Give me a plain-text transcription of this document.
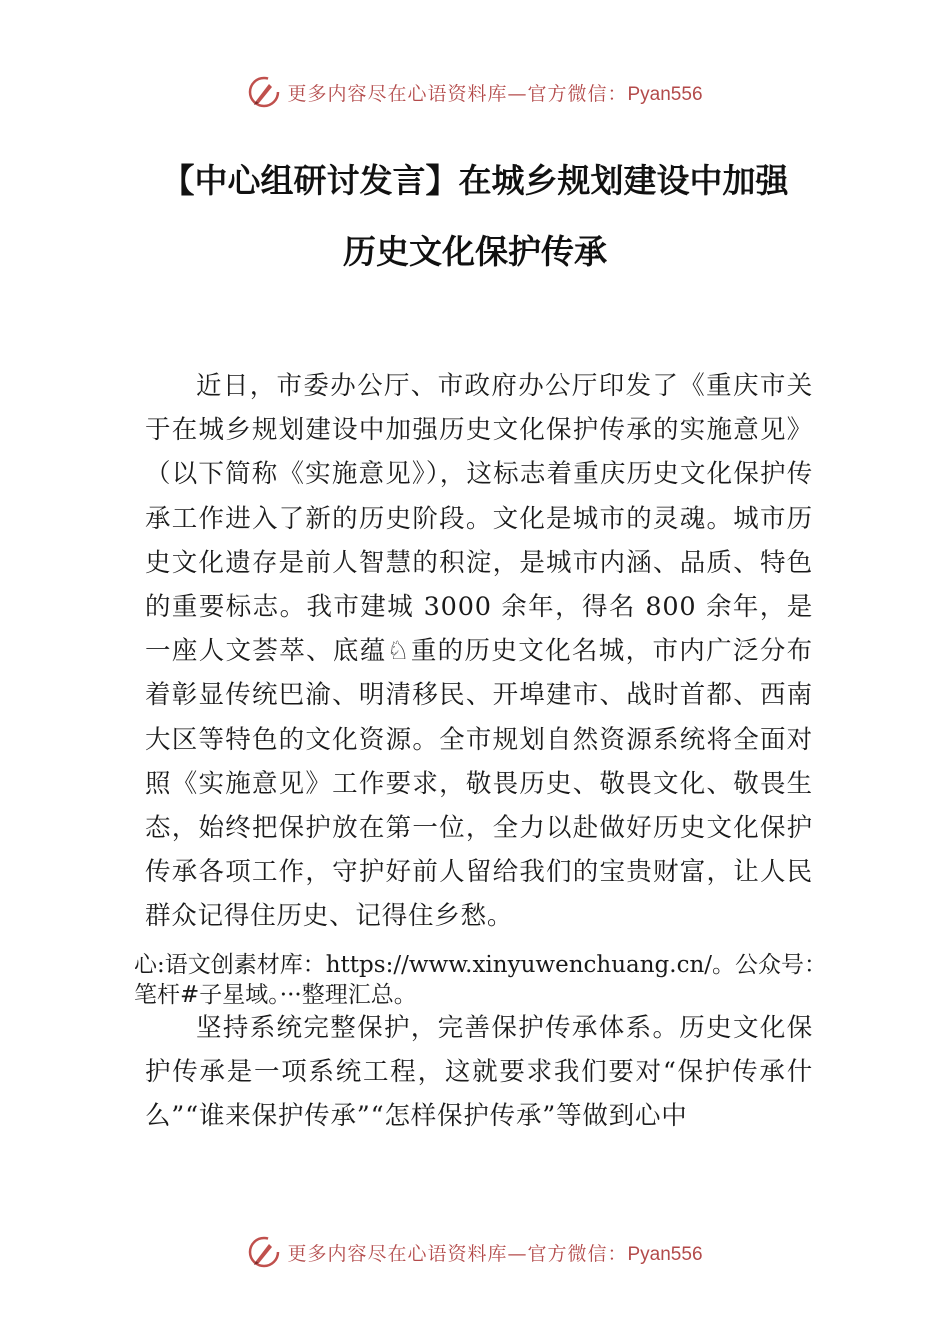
更多内容尽在心语资料库—官方微信：Pyan556
【中心组研讨发言】在城乡规划建设中加强
历史文化保护传承

近日，市委办公厅、市政府办公厅印发了《重庆市关于在城乡规划建设中加强历史文化保护传承的实施意见》（以下简称《实施意见》），这标志着重庆历史文化保护传承工作进入了新的历史阶段。文化是城市的灵魂。城市历史文化遗存是前人智慧的积淀，是城市内涵、品质、特色的重要标志。我市建城 3000 余年，得名 800 余年，是一座人文荟萃、底蕴♘重的历史文化名城，市内广泛分布着彰显传统巴渝、明清移民、开埠建市、战时首都、西南大区等特色的文化资源。全市规划自然资源系统将全面对照《实施意见》工作要求，敬畏历史、敬畏文化、敬畏生态，始终把保护放在第一位，全力以赴做好历史文化保护传承各项工作，守护好前人留给我们的宝贵财富，让人民群众记得住历史、记得住乡愁。

心:语文创素材库：https://www.xinyuwenchuang.cn/。公众号：笔杆#子星域。···整理汇总。

坚持系统完整保护，完善保护传承体系。历史文化保护传承是一项系统工程，这就要求我们要对“保护传承什么”“谁来保护传承”“怎样保护传承”等做到心中

更多内容尽在心语资料库—官方微信：Pyan556
